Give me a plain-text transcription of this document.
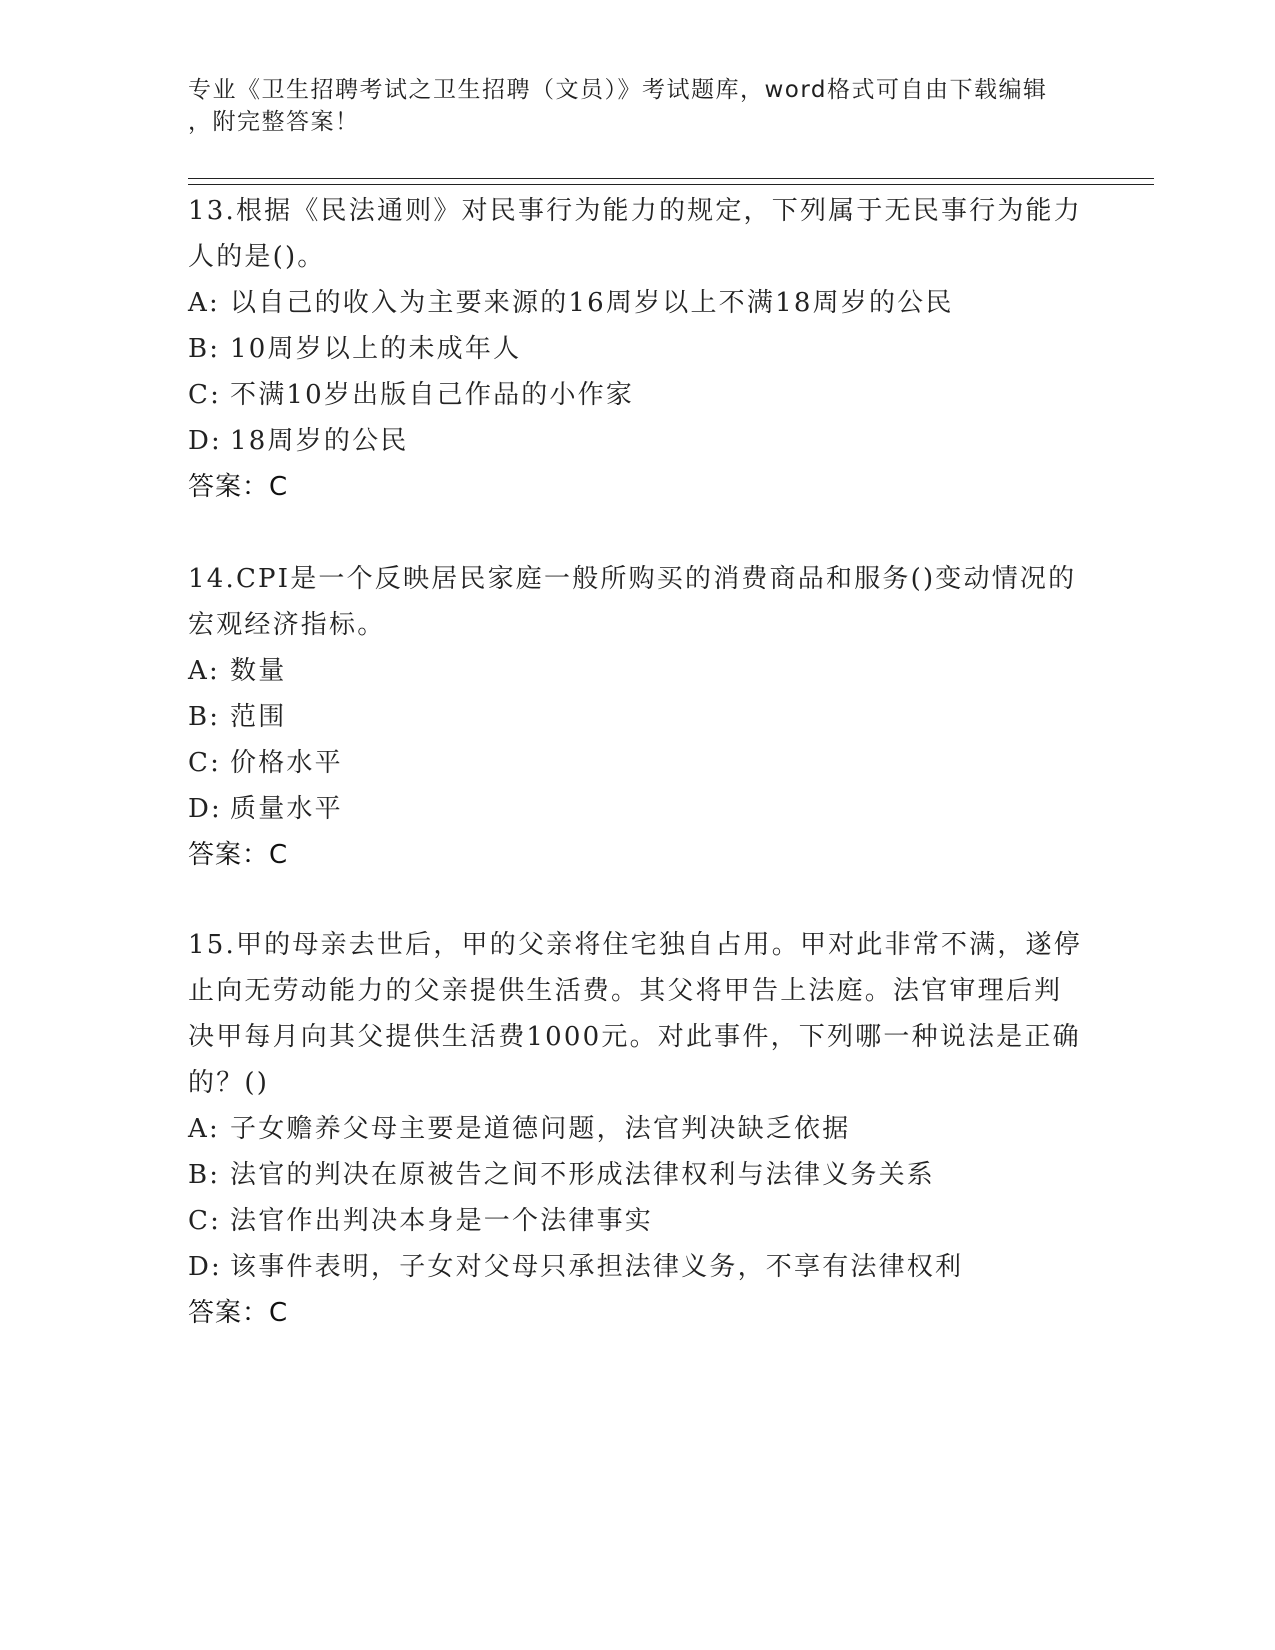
专业《卫生招聘考试之卫生招聘（文员）》考试题库，word格式可自由下载编辑
，附完整答案！
13.根据《民法通则》对民事行为能力的规定，下列属于无民事行为能力人的是()。
A: 以自己的收入为主要来源的16周岁以上不满18周岁的公民
B: 10周岁以上的未成年人
C: 不满10岁出版自己作品的小作家
D: 18周岁的公民
答案：C
14.CPI是一个反映居民家庭一般所购买的消费商品和服务()变动情况的宏观经济指标。
A: 数量
B: 范围
C: 价格水平
D: 质量水平
答案：C
15.甲的母亲去世后，甲的父亲将住宅独自占用。甲对此非常不满，遂停止向无劳动能力的父亲提供生活费。其父将甲告上法庭。法官审理后判决甲每月向其父提供生活费1000元。对此事件，下列哪一种说法是正确的？()
A: 子女赡养父母主要是道德问题，法官判决缺乏依据
B: 法官的判决在原被告之间不形成法律权利与法律义务关系
C: 法官作出判决本身是一个法律事实
D: 该事件表明，子女对父母只承担法律义务，不享有法律权利
答案：C
